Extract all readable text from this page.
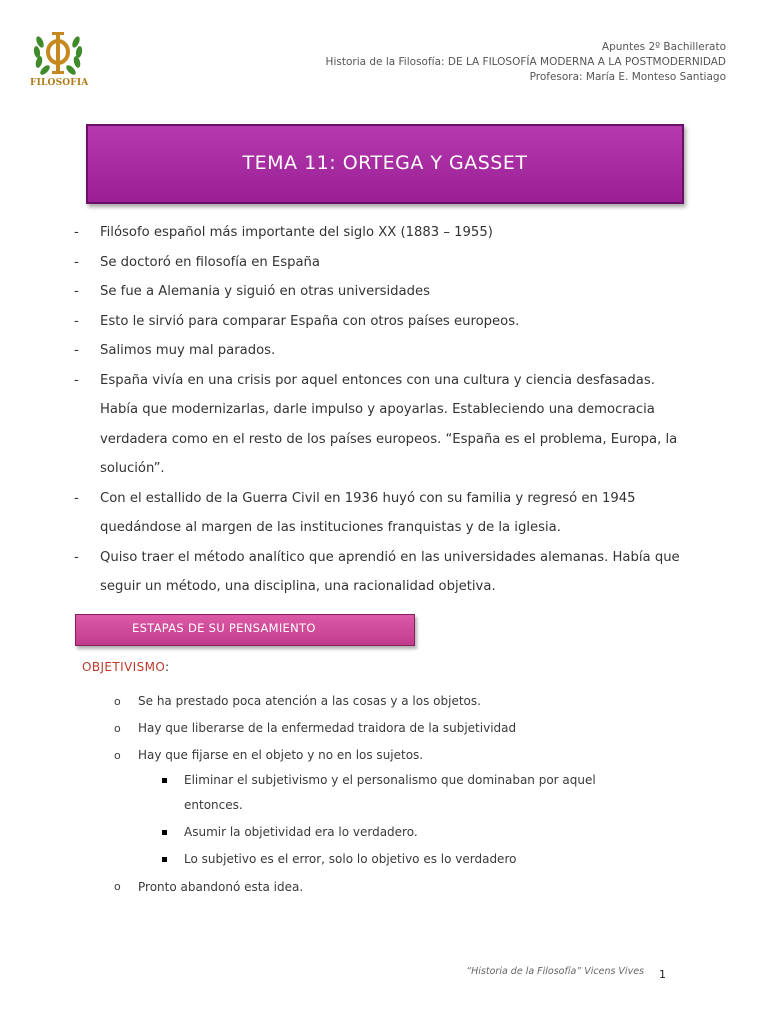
FILOSOFIA
Apuntes 2º Bachillerato
Historia de la Filosofía: DE LA FILOSOFÍA MODERNA A LA POSTMODERNIDAD
Profesora: María E. Monteso Santiago
TEMA 11: ORTEGA Y GASSET
- Filósofo español más importante del siglo XX (1883 – 1955)
- Se doctoró en filosofía en España
- Se fue a Alemania y siguió en otras universidades
- Esto le sirvió para comparar España con otros países europeos.
- Salimos muy mal parados.
- España vivía en una crisis por aquel entonces con una cultura y ciencia desfasadas. Había que modernizarlas, darle impulso y apoyarlas. Estableciendo una democracia verdadera como en el resto de los países europeos. “España es el problema, Europa, la solución”.
- Con el estallido de la Guerra Civil en 1936 huyó con su familia y regresó en 1945 quedándose al margen de las instituciones franquistas y de la iglesia.
- Quiso traer el método analítico que aprendió en las universidades alemanas. Había que seguir un método, una disciplina, una racionalidad objetiva.
ESTAPAS DE SU PENSAMIENTO
OBJETIVISMO:
o Se ha prestado poca atención a las cosas y a los objetos.
o Hay que liberarse de la enfermedad traidora de la subjetividad
o Hay que fijarse en el objeto y no en los sujetos.
Eliminar el subjetivismo y el personalismo que dominaban por aquel entonces.
Asumir la objetividad era lo verdadero.
Lo subjetivo es el error, solo lo objetivo es lo verdadero
o Pronto abandonó esta idea.
“Historia de la Filosofía” Vicens Vives 1
